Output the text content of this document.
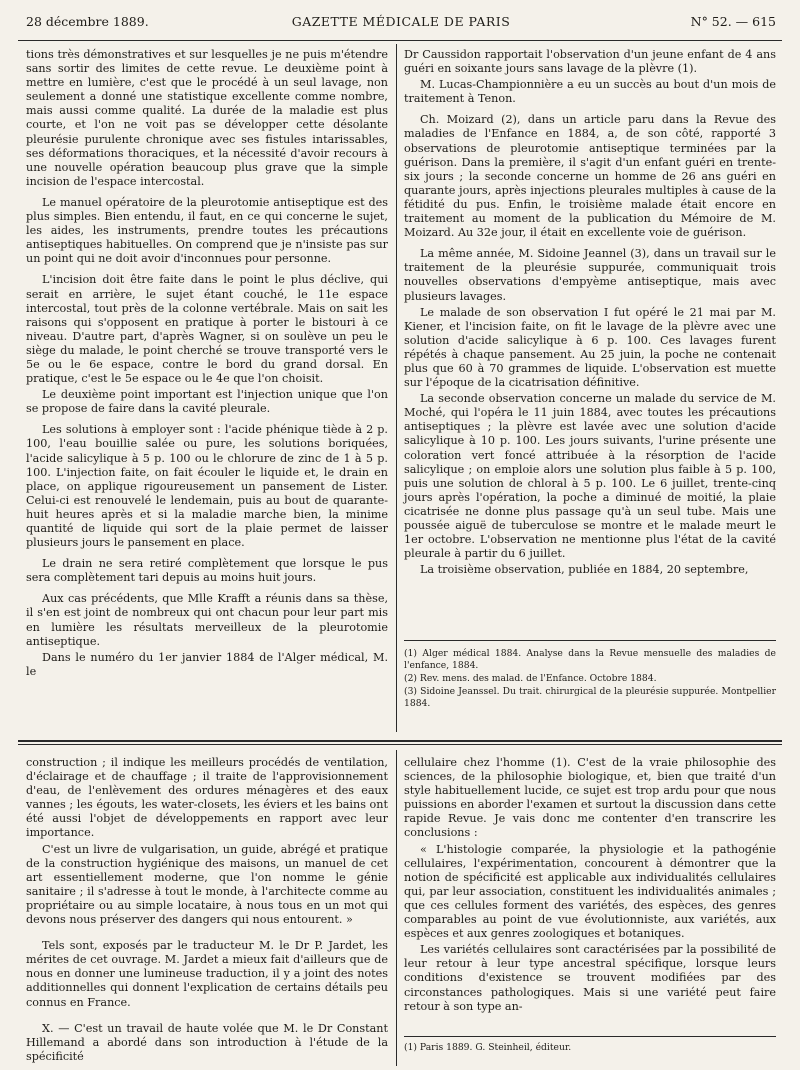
28 décembre 1889.	GAZETTE MÉDICALE DE PARIS	N° 52. — 615

tions très démonstratives et sur lesquelles je ne puis m'étendre sans sortir des limites de cette revue. Le deuxième point à mettre en lumière, c'est que le procédé à un seul lavage, non seulement a donné une statistique excellente comme nombre, mais aussi comme qualité. La durée de la maladie est plus courte, et l'on ne voit pas se développer cette désolante pleurésie purulente chronique avec ses fistules intarissables, ses déformations thoraciques, et la nécessité d'avoir recours à une nouvelle opération beaucoup plus grave que la simple incision de l'espace intercostal.

Le manuel opératoire de la pleurotomie antiseptique est des plus simples. Bien entendu, il faut, en ce qui concerne le sujet, les aides, les instruments, prendre toutes les précautions antiseptiques habituelles. On comprend que je n'insiste pas sur un point qui ne doit avoir d'inconnues pour personne.

L'incision doit être faite dans le point le plus déclive, qui serait en arrière, le sujet étant couché, le 11e espace intercostal, tout près de la colonne vertébrale. Mais on sait les raisons qui s'opposent en pratique à porter le bistouri à ce niveau. D'autre part, d'après Wagner, si on soulève un peu le siège du malade, le point cherché se trouve transporté vers le 5e ou le 6e espace, contre le bord du grand dorsal. En pratique, c'est le 5e espace ou le 4e que l'on choisit.

Le deuxième point important est l'injection unique que l'on se propose de faire dans la cavité pleurale.

Les solutions à employer sont : l'acide phénique tiède à 2 p. 100, l'eau bouillie salée ou pure, les solutions boriquées, l'acide salicylique à 5 p. 100 ou le chlorure de zinc de 1 à 5 p. 100. L'injection faite, on fait écouler le liquide et, le drain en place, on applique rigoureusement un pansement de Lister. Celui-ci est renouvelé le lendemain, puis au bout de quarante-huit heures après et si la maladie marche bien, la minime quantité de liquide qui sort de la plaie permet de laisser plusieurs jours le pansement en place.

Le drain ne sera retiré complètement que lorsque le pus sera complètement tari depuis au moins huit jours.

Aux cas précédents, que Mlle Krafft a réunis dans sa thèse, il s'en est joint de nombreux qui ont chacun pour leur part mis en lumière les résultats merveilleux de la pleurotomie antiseptique.

Dans le numéro du 1er janvier 1884 de l'Alger médical, M. le

Dr Caussidon rapportait l'observation d'un jeune enfant de 4 ans guéri en soixante jours sans lavage de la plèvre (1).

M. Lucas-Championnière a eu un succès au bout d'un mois de traitement à Tenon.

Ch. Moizard (2), dans un article paru dans la Revue des maladies de l'Enfance en 1884, a, de son côté, rapporté 3 observations de pleurotomie antiseptique terminées par la guérison. Dans la première, il s'agit d'un enfant guéri en trente-six jours ; la seconde concerne un homme de 26 ans guéri en quarante jours, après injections pleurales multiples à cause de la fétidité du pus. Enfin, le troisième malade était encore en traitement au moment de la publication du Mémoire de M. Moizard. Au 32e jour, il était en excellente voie de guérison.

La même année, M. Sidoine Jeannel (3), dans un travail sur le traitement de la pleurésie suppurée, communiquait trois nouvelles observations d'empyème antiseptique, mais avec plusieurs lavages.

Le malade de son observation I fut opéré le 21 mai par M. Kiener, et l'incision faite, on fit le lavage de la plèvre avec une solution d'acide salicylique à 6 p. 100. Ces lavages furent répétés à chaque pansement. Au 25 juin, la poche ne contenait plus que 60 à 70 grammes de liquide. L'observation est muette sur l'époque de la cicatrisation définitive.

La seconde observation concerne un malade du service de M. Moché, qui l'opéra le 11 juin 1884, avec toutes les précautions antiseptiques ; la plèvre est lavée avec une solution d'acide salicylique à 10 p. 100. Les jours suivants, l'urine présente une coloration vert foncé attribuée à la résorption de l'acide salicylique ; on emploie alors une solution plus faible à 5 p. 100, puis une solution de chloral à 5 p. 100. Le 6 juillet, trente-cinq jours après l'opération, la poche a diminué de moitié, la plaie cicatrisée ne donne plus passage qu'à un seul tube. Mais une poussée aiguë de tuberculose se montre et le malade meurt le 1er octobre. L'observation ne mentionne plus l'état de la cavité pleurale à partir du 6 juillet.

La troisième observation, publiée en 1884, 20 septembre,

(1) Alger médical 1884. Analyse dans la Revue mensuelle des maladies de l'enfance, 1884.

(2) Rev. mens. des malad. de l'Enfance. Octobre 1884.

(3) Sidoine Jeanssel. Du trait. chirurgical de la pleurésie suppurée. Montpellier 1884.

construction ; il indique les meilleurs procédés de ventilation, d'éclairage et de chauffage ; il traite de l'approvisionnement d'eau, de l'enlèvement des ordures ménagères et des eaux vannes ; les égouts, les water-closets, les éviers et les bains ont été aussi l'objet de développements en rapport avec leur importance.

C'est un livre de vulgarisation, un guide, abrégé et pratique de la construction hygiénique des maisons, un manuel de cet art essentiellement moderne, que l'on nomme le génie sanitaire ; il s'adresse à tout le monde, à l'architecte comme au propriétaire ou au simple locataire, à nous tous en un mot qui devons nous préserver des dangers qui nous entourent. »

Tels sont, exposés par le traducteur M. le Dr P. Jardet, les mérites de cet ouvrage. M. Jardet a mieux fait d'ailleurs que de nous en donner une lumineuse traduction, il y a joint des notes additionnelles qui donnent l'explication de certains détails peu connus en France.

X. — C'est un travail de haute volée que M. le Dr Constant Hillemand a abordé dans son introduction à l'étude de la spécificité

cellulaire chez l'homme (1). C'est de la vraie philosophie des sciences, de la philosophie biologique, et, bien que traité d'un style habituellement lucide, ce sujet est trop ardu pour que nous puissions en aborder l'examen et surtout la discussion dans cette rapide Revue. Je vais donc me contenter d'en transcrire les conclusions :

« L'histologie comparée, la physiologie et la pathogénie cellulaires, l'expérimentation, concourent à démontrer que la notion de spécificité est applicable aux individualités cellulaires qui, par leur association, constituent les individualités animales ; que ces cellules forment des variétés, des espèces, des genres comparables au point de vue évolutionniste, aux variétés, aux espèces et aux genres zoologiques et botaniques.

Les variétés cellulaires sont caractérisées par la possibilité de leur retour à leur type ancestral spécifique, lorsque leurs conditions d'existence se trouvent modifiées par des circonstances pathologiques. Mais si une variété peut faire retour à son type an-

(1) Paris 1889. G. Steinheil, éditeur.
